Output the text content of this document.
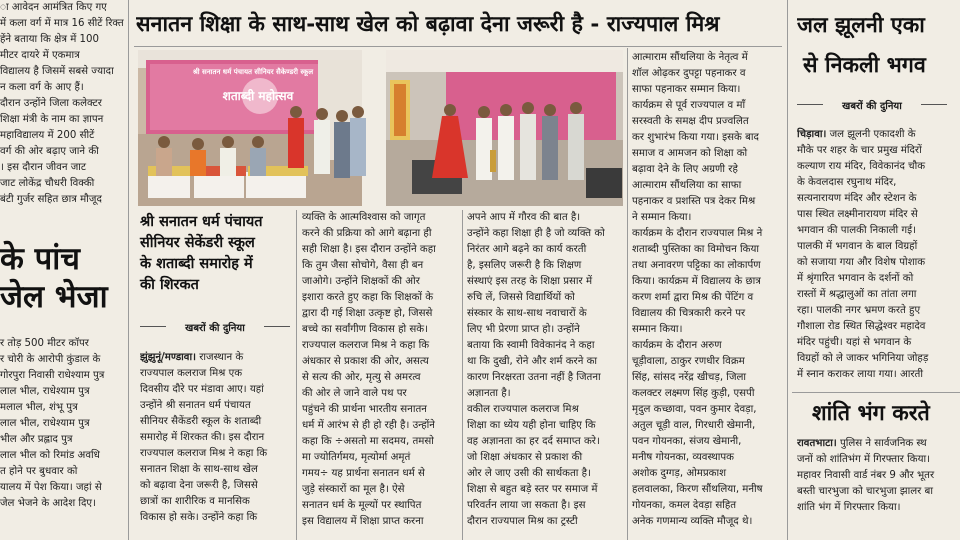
ा आवेदन आमंत्रित किए गए

में कला वर्ग में मात्र 16 सीटें रिक्त

हेंने बताया कि क्षेत्र में 100

मीटर दायरे में एकमात्र

विद्यालय है जिसमें सबसे ज्यादा

न कला वर्ग के आए हैं।

दौरान उन्होंने जिला कलेक्टर

शिक्षा मंत्री के नाम का ज्ञापन

महाविद्यालय में 200 सीटें

वर्ग की ओर बढ़ाए जाने की

। इस दौरान जीवन जाट

जाट लोकेंद्र चौधरी विक्की

बंटी गुर्जर सहित छात्र मौजूद

के पांच
जेल भेजा

र तोड़ 500 मीटर कॉपर

र चोरी के आरोपी कुंडाल के

गोरपुरा निवासी राधेश्याम पुत्र

लाल भील, राधेश्याम पुत्र

मलाल भील, शंभू पुत्र

लाल भील, राधेश्याम पुत्र

भील और प्रह्लाद पुत्र

लाल भील को रिमांड अवधि

त होने पर बुधवार को

यालय में पेश किया। जहां से

जेल भेजने के आदेश दिए।

सनातन शिक्षा के साथ-साथ खेल को बढ़ावा देना जरूरी है - राज्यपाल मिश्र
श्री सनातन धर्म पंचायत सीनियर सैकेण्डरी स्कूल
शताब्दी महोत्सव
श्री सनातन धर्म पंचायत
सीनियर सेकेंडरी स्कूल
के शताब्दी समारोह में
की शिरकत
खबरों की दुनिया

झुंझुनूं/मण्डावा। राजस्थान के

राज्यपाल कलराज मिश्र एक

दिवसीय दौरे पर मंडावा आए। यहां

उन्होंने श्री सनातन धर्म पंचायत

सीनियर सैकेंडरी स्कूल के शताब्दी

समारोह में शिरकत की। इस दौरान

राज्यपाल कलराज मिश्र ने कहा कि

सनातन शिक्षा के साथ-साथ खेल

को बढ़ावा देना जरूरी है, जिससे

छात्रों का शारीरिक व मानसिक

विकास हो सके। उन्होंने कहा कि

व्यक्ति के आत्मविश्वास को जागृत

करने की प्रक्रिया को आगे बढ़ाना ही

सही शिक्षा है। इस दौरान उन्होंने कहा

कि तुम जैसा सोचोगे, वैसा ही बन

जाओगे। उन्होंने शिक्षकों की ओर

इशारा करते हुए कहा कि शिक्षकों के

द्वारा दी गई शिक्षा उत्कृष्ट हो, जिससे

बच्चे का सर्वांगीण विकास हो सके।

राज्यपाल कलराज मिश्र ने कहा कि

अंधकार से प्रकाश की ओर, असत्य

से सत्य की ओर, मृत्यु से अमरत्व

की ओर ले जाने वाले पथ पर

पहुंचने की प्रार्थना भारतीय सनातन

धर्म में आरंभ से ही हो रही है। उन्होंने

कहा कि ÷असतो मा सदमय, तमसो

मा ज्योतिर्गमय, मृत्योर्मा अमृतं

गमय÷ यह प्रार्थना सनातन धर्म से

जुड़े संस्कारों का मूल है। ऐसे

सनातन धर्म के मूल्यों पर स्थापित

इस विद्यालय में शिक्षा प्राप्त करना

अपने आप में गौरव की बात है।

उन्होंने कहा शिक्षा ही है जो व्यक्ति को

निरंतर आगे बढ़ने का कार्य करती

है, इसलिए जरूरी है कि शिक्षण

संस्थाएं इस तरह के शिक्षा प्रसार में

रुचि लें, जिससे विद्यार्थियों को

संस्कार के साथ-साथ नवाचारों के

लिए भी प्रेरणा प्राप्त हो। उन्होंने

बताया कि स्वामी विवेकानंद ने कहा

था कि दुखी, रोने और शर्म करने का

कारण निरक्षरता उतना नहीं है जितना

अज्ञानता है।

वकील राज्यपाल कलराज मिश्र

शिक्षा का ध्येय यही होना चाहिए कि

वह अज्ञानता का हर दर्द समाप्त करे।

जो शिक्षा अंधकार से प्रकाश की

ओर ले जाए उसी की सार्थकता है।

शिक्षा से बहुत बड़े स्तर पर समाज में

परिवर्तन लाया जा सकता है। इस

दौरान राज्यपाल मिश्र का ट्रस्टी

आत्माराम सौंथलिया के नेतृत्व में

शॉल ओढ़कर दुपट्टा पहनाकर व

साफा पहनाकर सम्मान किया।

कार्यक्रम से पूर्व राज्यपाल व माँ

सरस्वती के समक्ष दीप प्रज्वलित

कर शुभारंभ किया गया। इसके बाद

समाज व आमजन को शिक्षा को

बढ़ावा देने के लिए अग्रणी रहे

आत्माराम सौंथलिया का साफा

पहनाकर व प्रशस्ति पत्र देकर मिश्र

ने सम्मान किया।

कार्यक्रम के दौरान राज्यपाल मिश्र ने

शताब्दी पुस्तिका का विमोचन किया

तथा अनावरण पट्टिका का लोकार्पण

किया। कार्यक्रम में विद्यालय के छात्र

करण शर्मा द्वारा मिश्र की पेंटिंग व

विद्यालय की चित्रकारी करने पर

सम्मान किया।

कार्यक्रम के दौरान अरुण

चूड़ीवाला, ठाकुर रणधीर विक्रम

सिंह, सांसद नरेंद्र खीचड़, जिला

कलक्टर लक्ष्मण सिंह कुड़ी, एसपी

मृदुल कच्छावा, पवन कुमार देवड़ा,

अतुल चूड़ी वाल, गिरधारी खेमानी,

पवन गोयनका, संजय खेमानी,

मनीष गोयनका, व्यवस्थापक

अशोक दुग्गड़, ओमप्रकाश

हलवालका, किरण सौंथलिया, मनीष

गोयनका, कमल देवड़ा सहित

अनेक गणमान्य व्यक्ति मौजूद थे।

जल झूलनी एका
से निकली भगव
खबरों की दुनिया

चिड़ावा। जल झूलनी एकादशी के

मौके पर शहर के चार प्रमुख मंदिरों

कल्याण राय मंदिर, विवेकानंद चौक

के केवलदास रघुनाथ मंदिर,

सत्यनारायण मंदिर और स्टेशन के

पास स्थित लक्ष्मीनारायण मंदिर से

भगवान की पालकी निकाली गई।

पालकी में भगवान के बाल विग्रहों

को सजाया गया और विशेष पोशाक

में श्रृंगारित भगवान के दर्शनों को

रास्तों में श्रद्धालुओं का तांता लगा

रहा। पालकी नगर भ्रमण करते हुए

गौशाला रोड स्थित सिद्धेश्वर महादेव

मंदिर पहुंची। यहां से भगवान के

विग्रहों को ले जाकर भगिनिया जोहड़

में स्नान कराकर लाया गया। आरती

शांति भंग करते

रावतभाटा। पुलिस ने सार्वजनिक स्थ

जनों को शांतिभंग में गिरफ्तार किया।

महावर निवासी वार्ड नंबर 9 और भूतर

बस्ती चारभुजा को चारभुजा झालर बा

शांति भंग में गिरफ्तार किया।
